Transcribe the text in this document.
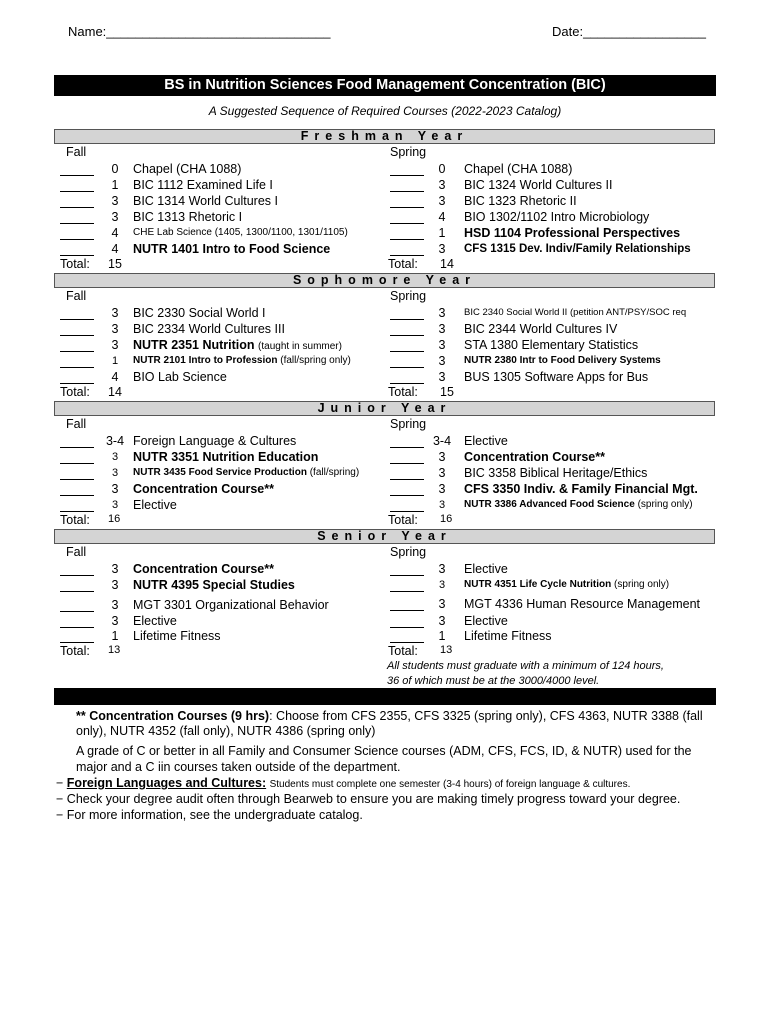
Name:_______________________________	Date:_________________
BS in Nutrition Sciences Food Management Concentration (BIC)
A Suggested Sequence of Required Courses (2022-2023 Catalog)
Freshman Year
Fall	Spring
0	Chapel (CHA 1088)
1	BIC 1112 Examined Life I
3	BIC 1314 World Cultures I
3	BIC 1313 Rhetoric I
4	CHE Lab Science (1405, 1300/1100, 1301/1105)
4	NUTR 1401 Intro to Food Science
Total: 15
0	Chapel (CHA 1088)
3	BIC 1324 World Cultures II
3	BIC 1323 Rhetoric II
4	BIO 1302/1102 Intro Microbiology
1	HSD 1104 Professional Perspectives
3	CFS 1315 Dev. Indiv/Family Relationships
Total: 14
Sophomore Year
Fall	Spring
3	BIC 2330 Social World I
3	BIC 2334 World Cultures III
3	NUTR 2351 Nutrition (taught in summer)
1	NUTR 2101 Intro to Profession (fall/spring only)
4	BIO Lab Science
Total: 14
3	BIC 2340 Social World II (petition ANT/PSY/SOC req
3	BIC 2344 World Cultures IV
3	STA 1380 Elementary Statistics
3	NUTR 2380 Intr to Food Delivery Systems
3	BUS 1305 Software Apps for Bus
Total: 15
Junior Year
Fall	Spring
3-4 Foreign Language & Cultures
3	NUTR 3351 Nutrition Education
3	NUTR 3435 Food Service Production (fall/spring)
3	Concentration Course**
3	Elective
Total: 16
3-4	Elective
3	Concentration Course**
3	BIC 3358 Biblical Heritage/Ethics
3	CFS 3350 Indiv. & Family Financial Mgt.
3	NUTR 3386 Advanced Food Science (spring only)
Total: 16
Senior Year
Fall	Spring
3	Concentration Course**
3	NUTR 4395 Special Studies
3	MGT 3301 Organizational Behavior
3	Elective
1	Lifetime Fitness
Total: 13
3	Elective
3	NUTR 4351 Life Cycle Nutrition (spring only)
3	MGT 4336 Human Resource Management
3	Elective
1	Lifetime Fitness
Total: 13
All students must graduate with a minimum of 124 hours,
36 of which must be at the 3000/4000 level.
** Concentration Courses (9 hrs): Choose from CFS 2355, CFS 3325 (spring only), CFS 4363, NUTR 3388 (fall
only), NUTR 4352 (fall only), NUTR 4386 (spring only)
A grade of C or better in all Family and Consumer Science courses (ADM, CFS, FCS, ID, & NUTR) used for the
major and a C iin courses taken outside of the department.
− Foreign Languages and Cultures: Students must complete one semester (3-4 hours) of foreign language & cultures.
− Check your degree audit often through Bearweb to ensure you are making timely progress toward your degree.
− For more information, see the undergraduate catalog.
